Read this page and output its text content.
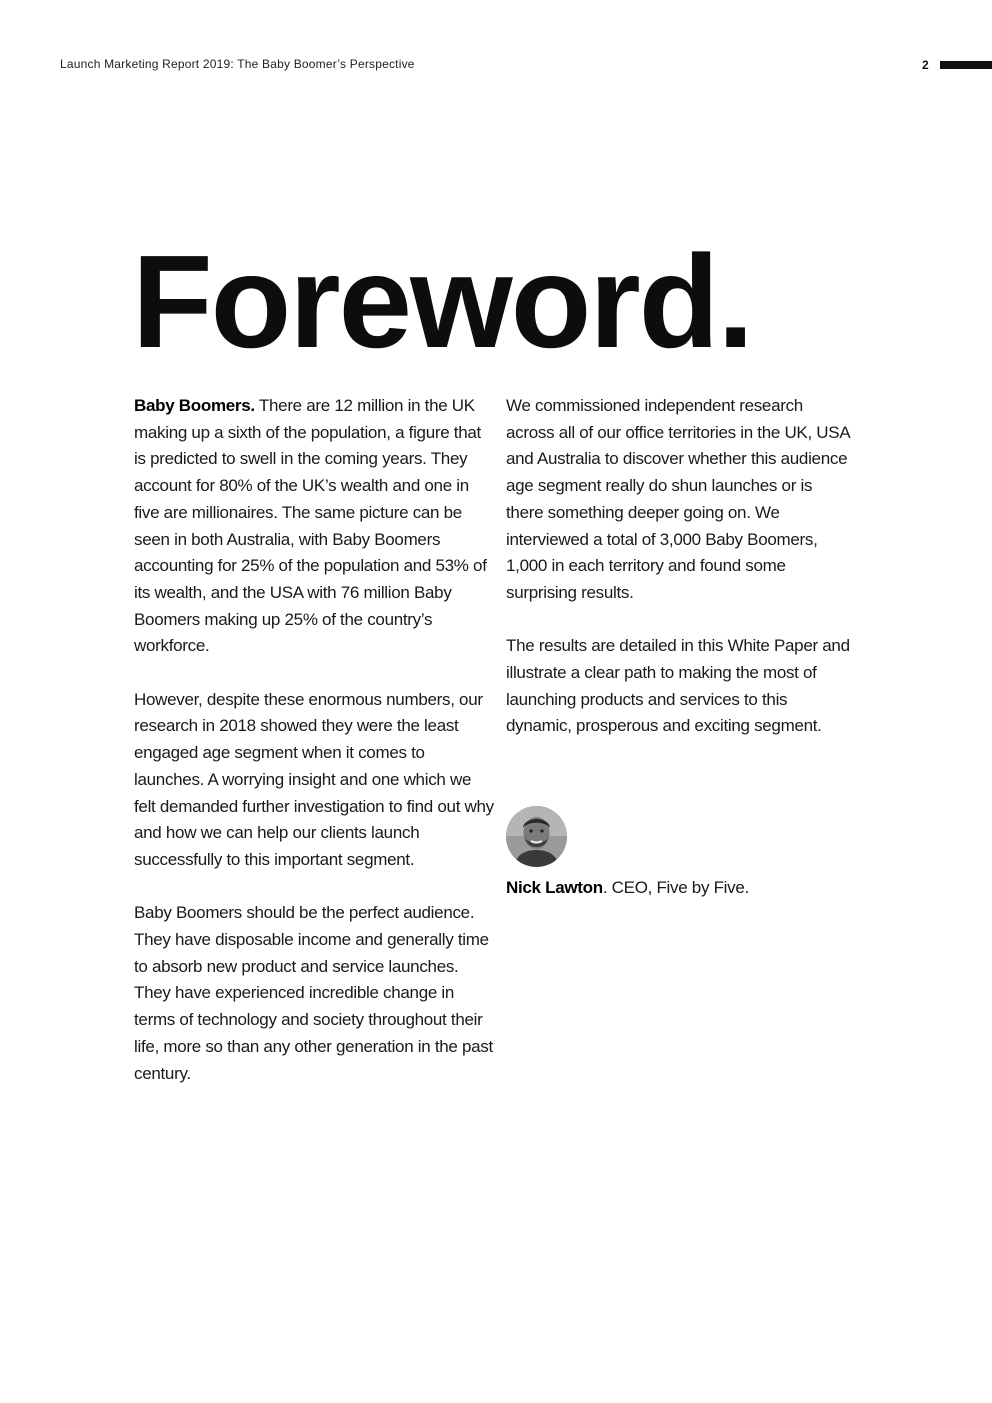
Launch Marketing Report 2019: The Baby Boomer’s Perspective	2
Foreword.

Baby Boomers. There are 12 million in the UK making up a sixth of the population, a figure that is predicted to swell in the coming years. They account for 80% of the UK’s wealth and one in five are millionaires. The same picture can be seen in both Australia, with Baby Boomers accounting for 25% of the population and 53% of its wealth, and the USA with 76 million Baby Boomers making up 25% of the country’s workforce.

However, despite these enormous numbers, our research in 2018 showed they were the least engaged age segment when it comes to launches. A worrying insight and one which we felt demanded further investigation to find out why and how we can help our clients launch successfully to this important segment.

Baby Boomers should be the perfect audience. They have disposable income and generally time to absorb new product and service launches. They have experienced incredible change in terms of technology and society throughout their life, more so than any other generation in the past century.

We commissioned independent research across all of our office territories in the UK, USA and Australia to discover whether this audience age segment really do shun launches or is there something deeper going on. We interviewed a total of 3,000 Baby Boomers, 1,000 in each territory and found some surprising results.

The results are detailed in this White Paper and illustrate a clear path to making the most of launching products and services to this dynamic, prosperous and exciting segment.

Nick Lawton. CEO, Five by Five.
